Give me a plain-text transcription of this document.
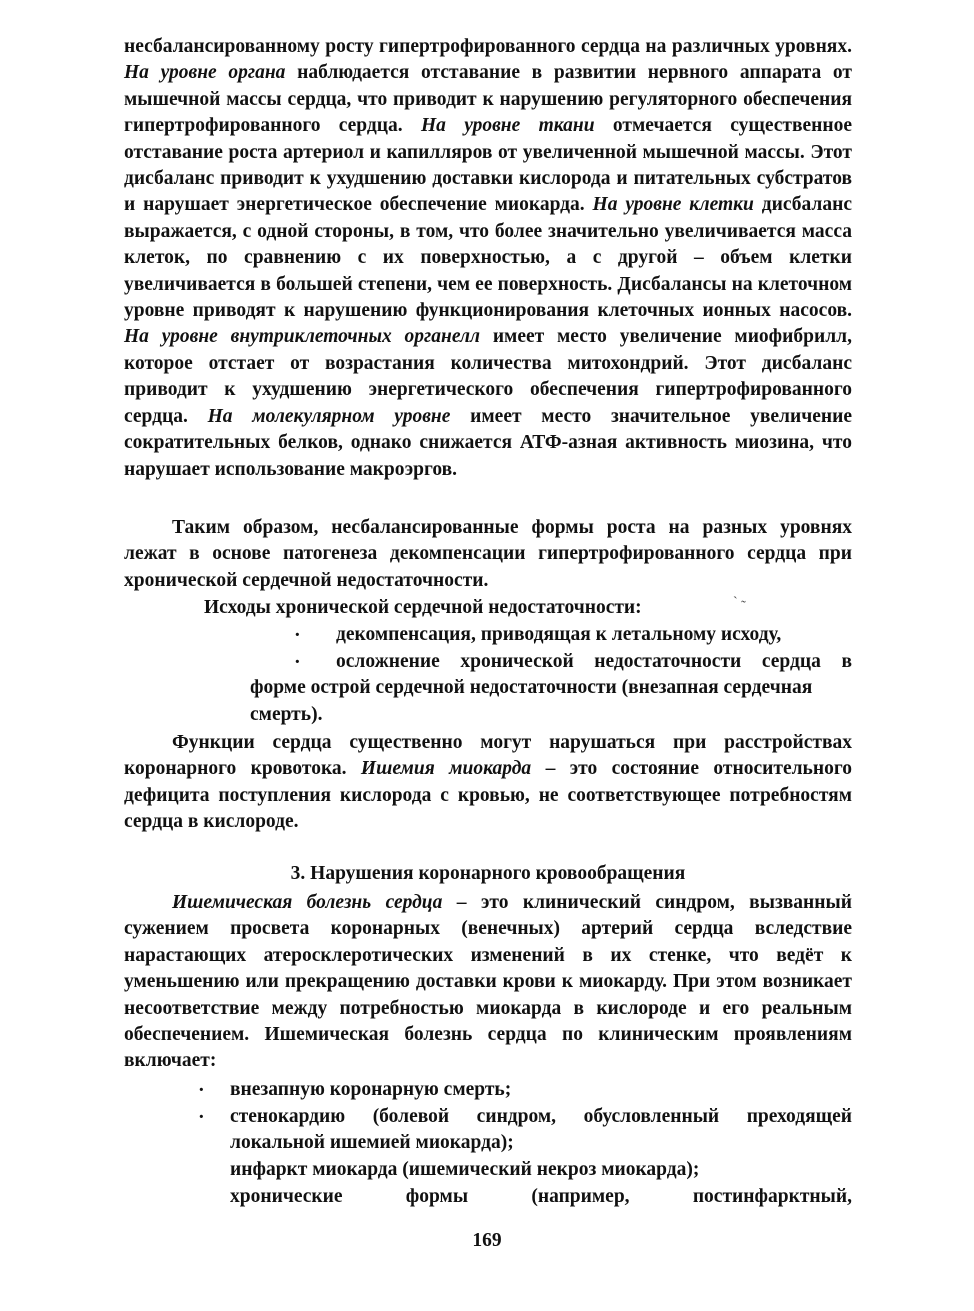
несбалансированному росту гипертрофированного сердца на различных уровнях. На уровне органа наблюдается отставание в развитии нервного аппарата от мышечной массы сердца, что приводит к нарушению регуляторного обеспечения гипертрофированного сердца. На уровне ткани отмечается существенное отставание роста артериол и капилляров от увеличенной мышечной массы. Этот дисбаланс приводит к ухудшению доставки кислорода и питательных субстратов и нарушает энергетическое обеспечение миокарда. На уровне клетки дисбаланс выражается, с одной стороны, в том, что более значительно увеличивается масса клеток, по сравнению с их поверхностью, а с другой – объем клетки увеличивается в большей степени, чем ее поверхность. Дисбалансы на клеточном уровне приводят к нарушению функционирования клеточных ионных насосов. На уровне внутриклеточных органелл имеет место увеличение миофибрилл, которое отстает от возрастания количества митохондрий. Этот дисбаланс приводит к ухудшению энергетического обеспечения гипертрофированного сердца. На молекулярном уровне имеет место значительное увеличение сократительных белков, однако снижается АТФ-азная активность миозина, что нарушает использование макроэргов.

Таким образом, несбалансированные формы роста на разных уровнях лежат в основе патогенеза декомпенсации гипертрофированного сердца при хронической сердечной недостаточности.

Исходы хронической сердечной недостаточности:
˴ ˷
· декомпенсация, приводящая к летальному исходу,
· осложнение хронической недостаточности сердца в
форме острой сердечной недостаточности (внезапная сердечная
смерть).

Функции сердца существенно могут нарушаться при расстройствах коронарного кровотока. Ишемия миокарда – это состояние относительного дефицита поступления кислорода с кровью, не соответствующее потребностям сердца в кислороде.

3. Нарушения коронарного кровообращения

Ишемическая болезнь сердца – это клинический синдром, вызванный сужением просвета коронарных (венечных) артерий сердца вследствие нарастающих атеросклеротических изменений в их стенке, что ведёт к уменьшению или прекращению доставки крови к миокарду. При этом возникает несоответствие между потребностью миокарда в кислороде и его реальным обеспечением. Ишемическая болезнь сердца по клиническим проявлениям включает:

· внезапную коронарную смерть;
· стенокардию (болевой синдром, обусловленный преходящей
локальной ишемией миокарда);
инфаркт миокарда (ишемический некроз миокарда);
хронические	формы	(например,	постинфарктный,
169
